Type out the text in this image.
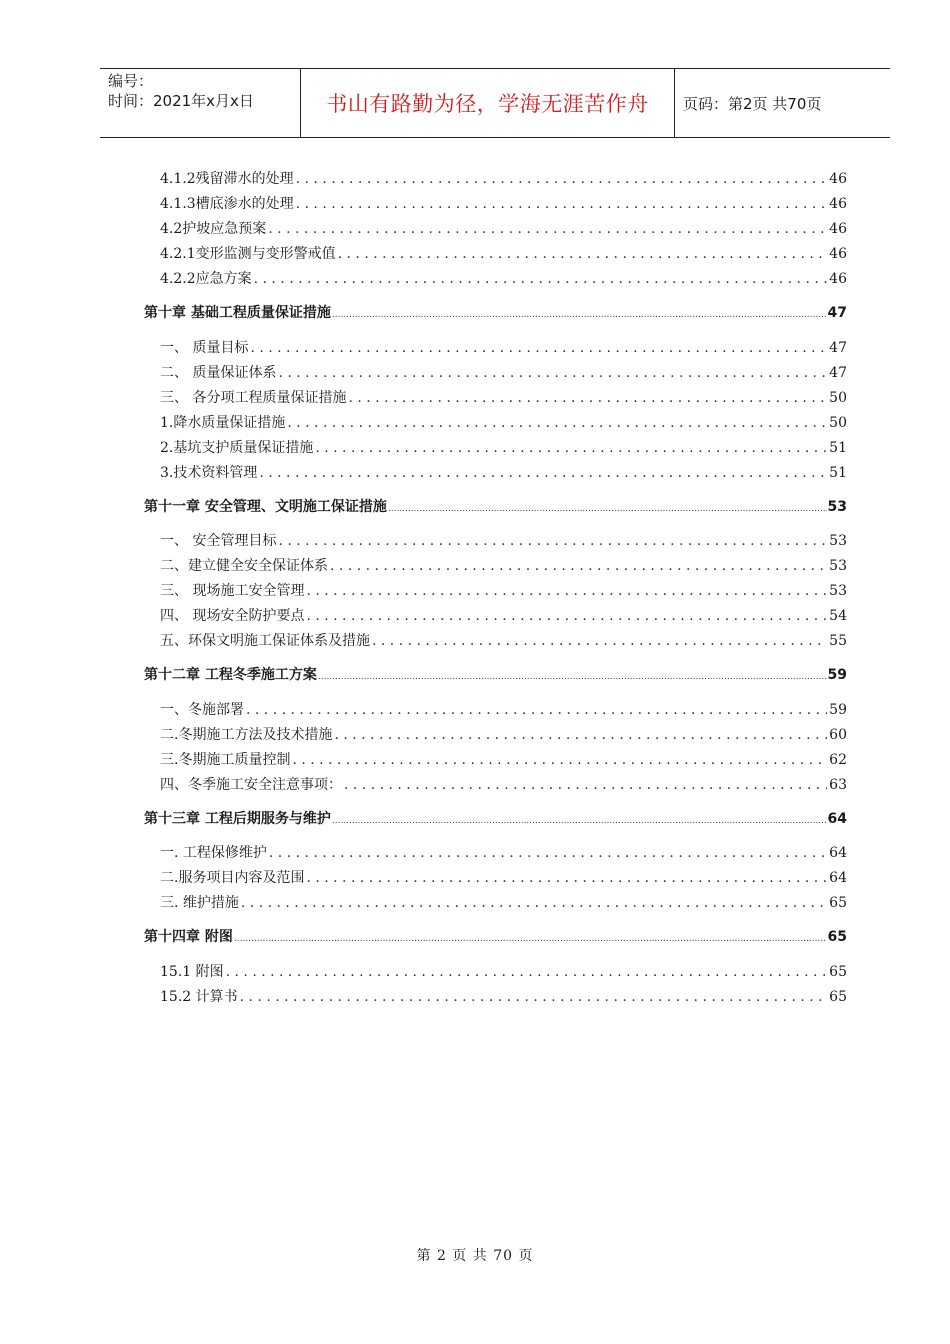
编号：
时间：2021年x月x日	书山有路勤为径，学海无涯苦作舟	页码：第2页 共70页
4.1.2残留滞水的处理 . . .	46
4.1.3槽底渗水的处理 . . .	46
4.2护坡应急预案 . . .	46
4.2.1变形监测与变形警戒值 . . .	46
4.2.2应急方案 . . .	46
第十章 基础工程质量保证措施 .....	47
一、 质量目标 . . .	47
二、 质量保证体系 . . .	47
三、 各分项工程质量保证措施 . . .	50
1.降水质量保证措施 . . .	50
2.基坑支护质量保证措施 . . .	51
3.技术资料管理 . . .	51
第十一章 安全管理、文明施工保证措施 .....	53
一、 安全管理目标 . . .	53
二、建立健全安全保证体系 . . .	53
三、 现场施工安全管理 . . .	53
四、 现场安全防护要点 . . .	54
五、环保文明施工保证体系及措施 . . .	55
第十二章 工程冬季施工方案 .....	59
一、冬施部署 . . .	59
二.冬期施工方法及技术措施 . . .	60
三.冬期施工质量控制 . . .	62
四、冬季施工安全注意事项： . . .	63
第十三章 工程后期服务与维护 .....	64
一. 工程保修维护 . . .	64
二.服务项目内容及范围 . . .	64
三. 维护措施 . . .	65
第十四章 附图 .....	65
15.1 附图 . . .	65
15.2 计算书 . . .	65
第 2 页 共 70 页
